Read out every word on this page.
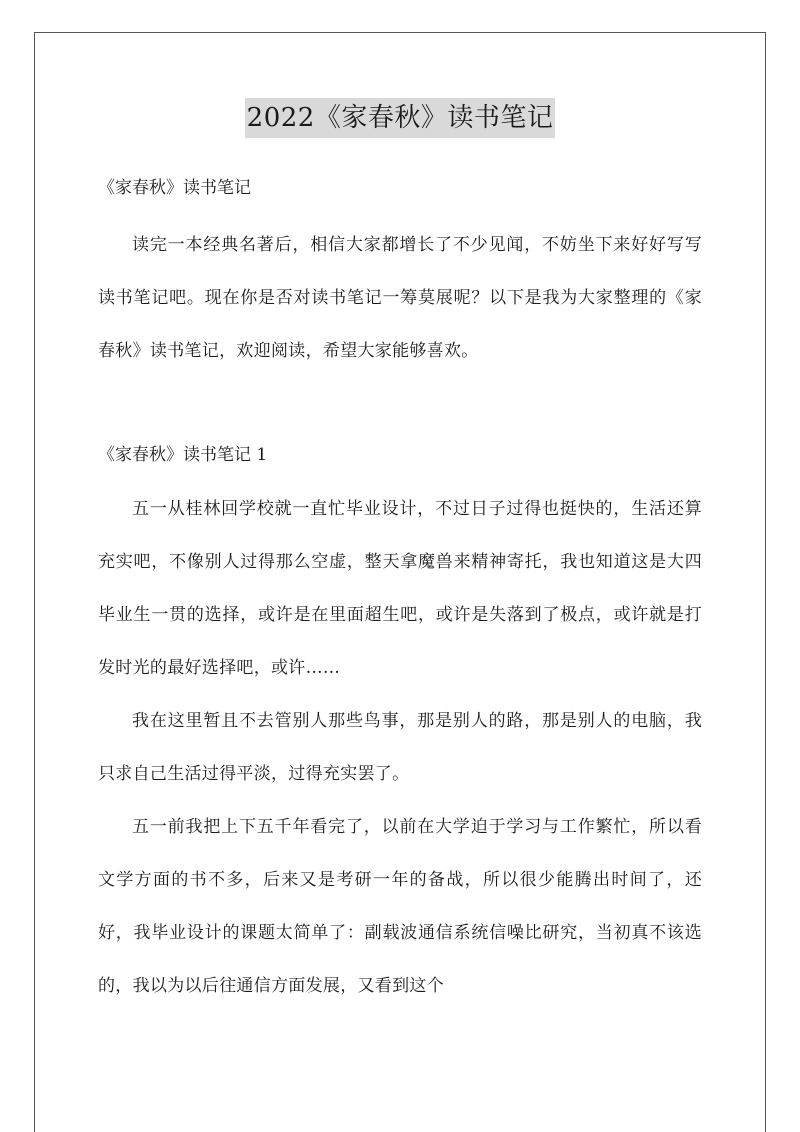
2022《家春秋》读书笔记

《家春秋》读书笔记

读完一本经典名著后，相信大家都增长了不少见闻，不妨坐下来好好写写读书笔记吧。现在你是否对读书笔记一筹莫展呢？以下是我为大家整理的《家春秋》读书笔记，欢迎阅读，希望大家能够喜欢。

《家春秋》读书笔记 1

五一从桂林回学校就一直忙毕业设计，不过日子过得也挺快的，生活还算充实吧，不像别人过得那么空虚，整天拿魔兽来精神寄托，我也知道这是大四毕业生一贯的选择，或许是在里面超生吧，或许是失落到了极点，或许就是打发时光的最好选择吧，或许……

我在这里暂且不去管别人那些鸟事，那是别人的路，那是别人的电脑，我只求自己生活过得平淡，过得充实罢了。

五一前我把上下五千年看完了，以前在大学迫于学习与工作繁忙，所以看文学方面的书不多，后来又是考研一年的备战，所以很少能腾出时间了，还好，我毕业设计的课题太简单了：副载波通信系统信噪比研究，当初真不该选的，我以为以后往通信方面发展，又看到这个
